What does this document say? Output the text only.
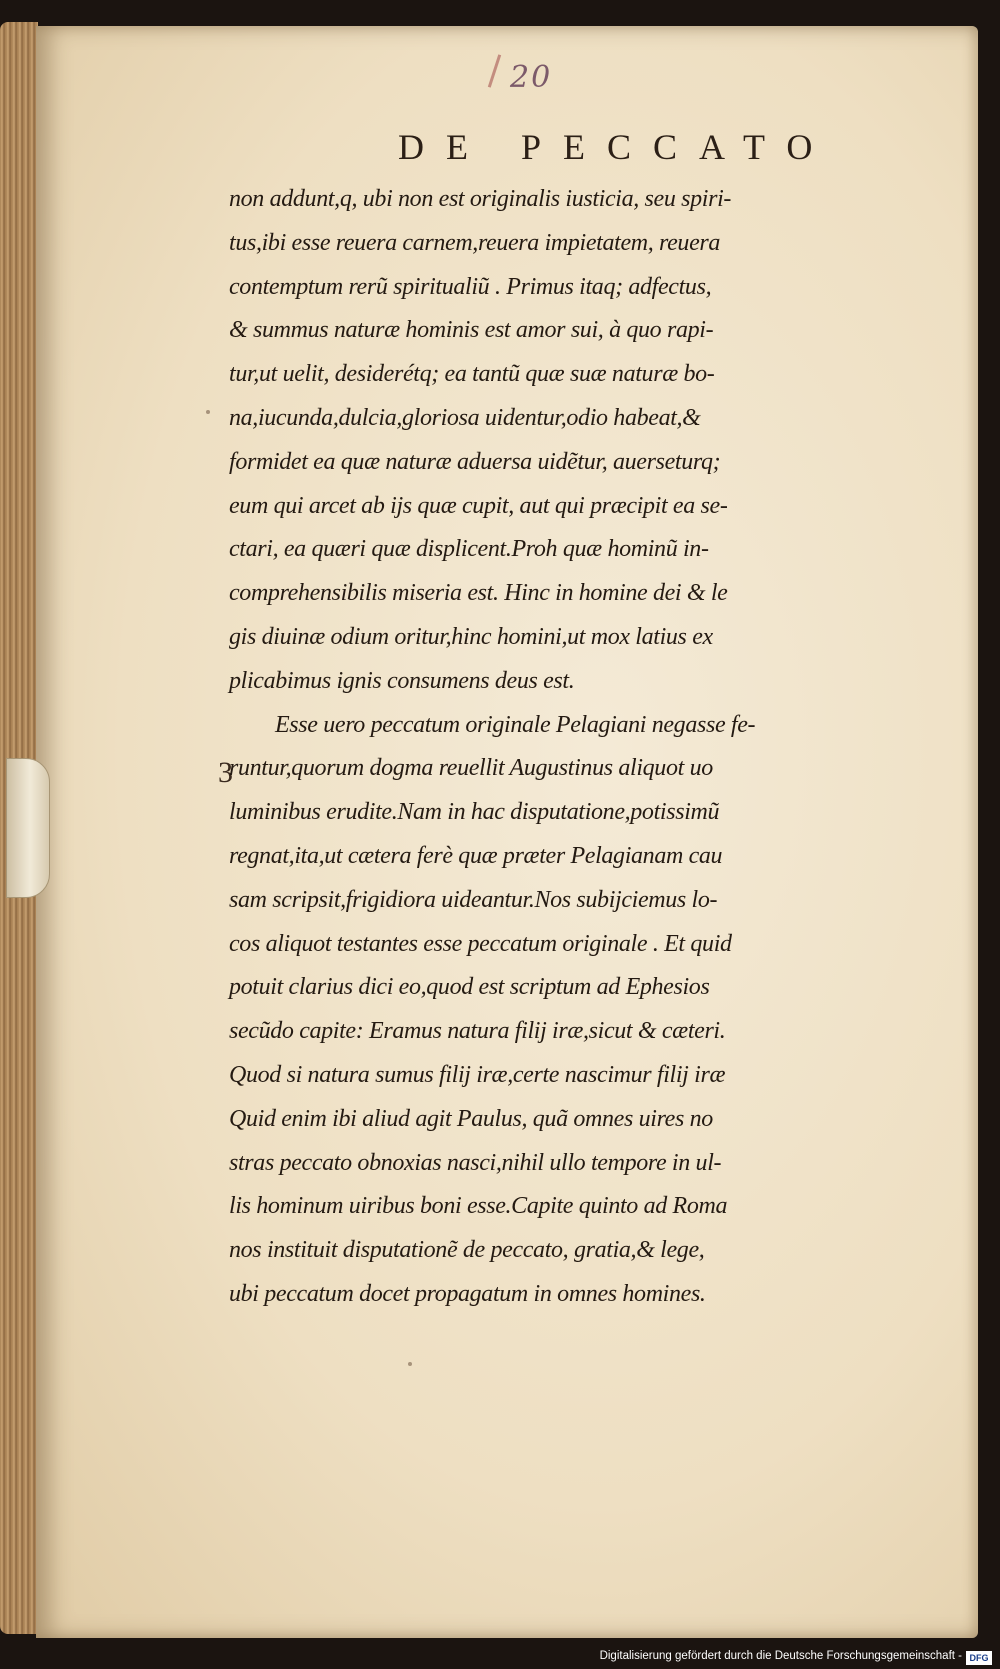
20
DE PECCATO
3
non addunt,q, ubi non est originalis iusticia, seu spiri-
tus,ibi esse reuera carnem,reuera impietatem, reuera
contemptum rerũ spiritualiũ . Primus itaq; adfectus,
& summus naturæ hominis est amor sui, à quo rapi-
tur,ut uelit, desiderétq; ea tantũ quæ suæ naturæ bo-
na,iucunda,dulcia,gloriosa uidentur,odio habeat,&
formidet ea quæ naturæ aduersa uidẽtur, auerseturq;
eum qui arcet ab ijs quæ cupit, aut qui præcipit ea se-
ctari, ea quæri quæ displicent.Proh quæ hominũ in-
comprehensibilis miseria est. Hinc in homine dei & le
gis diuinæ odium oritur,hinc homini,ut mox latius ex
plicabimus ignis consumens deus est.
Esse uero peccatum originale Pelagiani negasse fe-
runtur,quorum dogma reuellit Augustinus aliquot uo
luminibus erudite.Nam in hac disputatione,potissimũ
regnat,ita,ut cætera ferè quæ præter Pelagianam cau
sam scripsit,frigidiora uideantur.Nos subijciemus lo-
cos aliquot testantes esse peccatum originale . Et quid
potuit clarius dici eo,quod est scriptum ad Ephesios
secũdo capite: Eramus natura filij iræ,sicut & cæteri.
Quod si natura sumus filij iræ,certe nascimur filij iræ
Quid enim ibi aliud agit Paulus, quã omnes uires no
stras peccato obnoxias nasci,nihil ullo tempore in ul-
lis hominum uiribus boni esse.Capite quinto ad Roma
nos instituit disputationẽ de peccato, gratia,& lege,
ubi peccatum docet propagatum in omnes homines.
Digitalisierung gefördert durch die Deutsche Forschungsgemeinschaft - DFG
